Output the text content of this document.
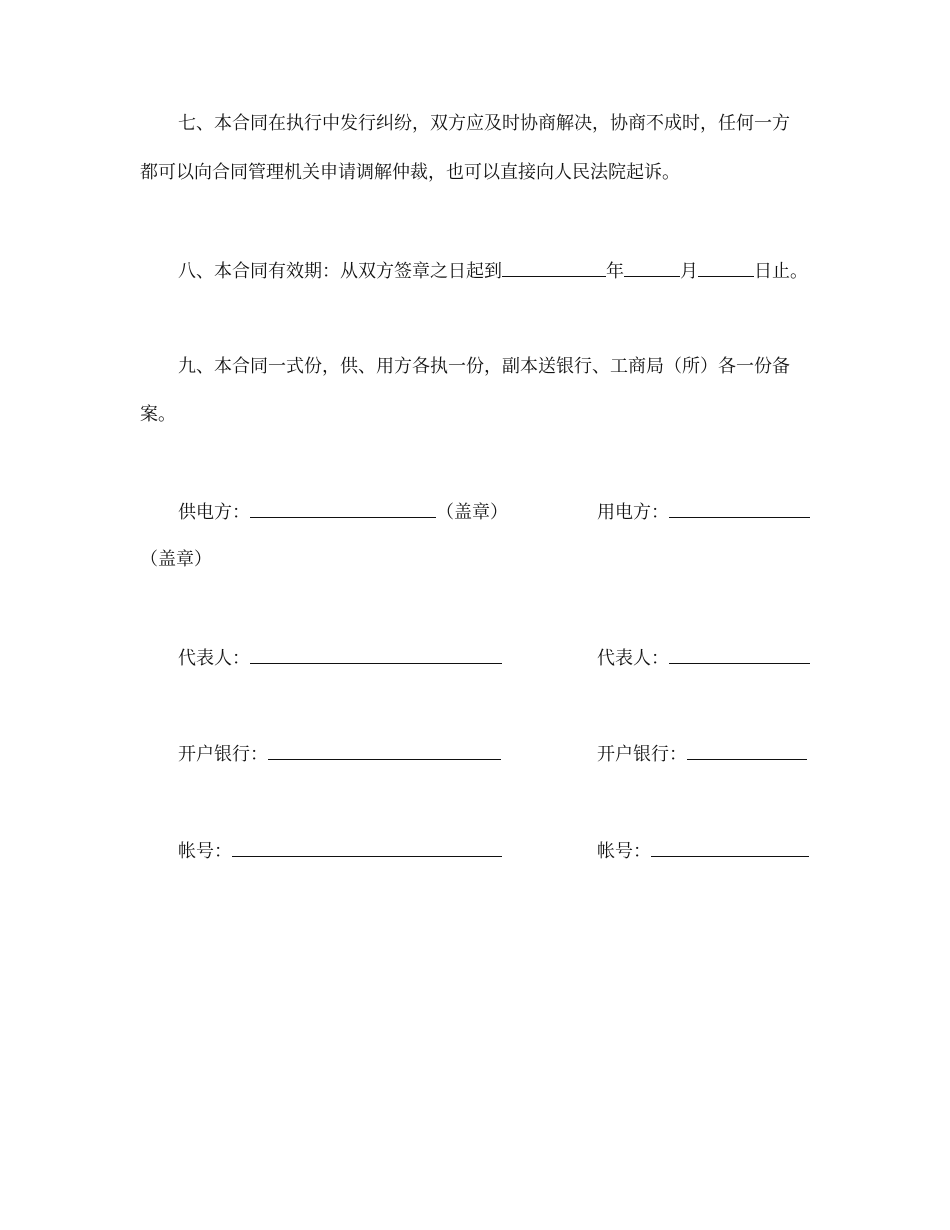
七、本合同在执行中发行纠纷，双方应及时协商解决，协商不成时，任何一方
都可以向合同管理机关申请调解仲裁，也可以直接向人民法院起诉。
八、本合同有效期：从双方签章之日起到	年	月	日止。
九、本合同一式份，供、用方各执一份，副本送银行、工商局（所）各一份备
案。
供电方：	（盖章）	用电方：
（盖章）
代表人：	代表人：
开户银行：	开户银行：
帐号：	帐号：
